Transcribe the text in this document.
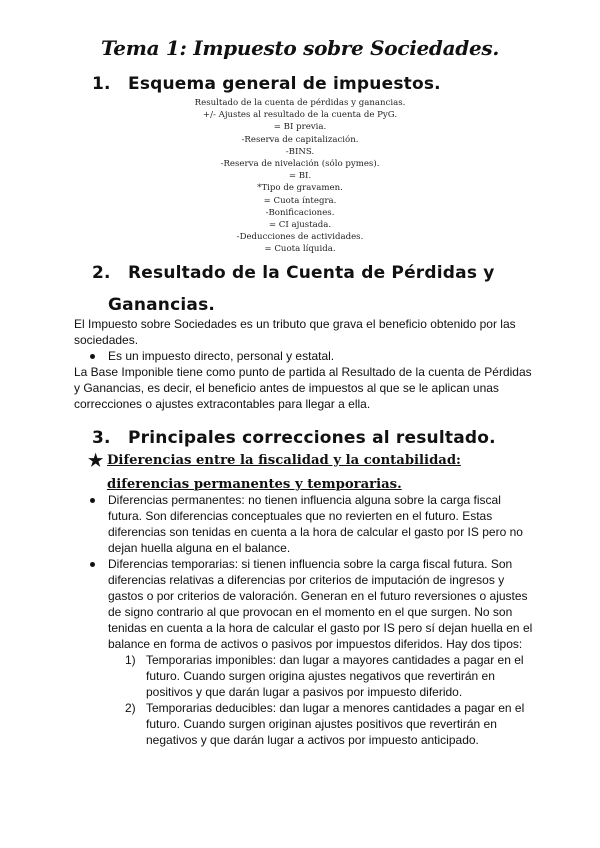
Tema 1: Impuesto sobre Sociedades.
1. Esquema general de impuestos.
Resultado de la cuenta de pérdidas y ganancias.
+/- Ajustes al resultado de la cuenta de PyG.
= BI previa.
-Reserva de capitalización.
-BINS.
-Reserva de nivelación (sólo pymes).
= BI.
*Tipo de gravamen.
= Cuota íntegra.
-Bonificaciones.
= CI ajustada.
-Deducciones de actividades.
= Cuota líquida.
2. Resultado de la Cuenta de Pérdidas y
Ganancias.
El Impuesto sobre Sociedades es un tributo que grava el beneficio obtenido por las sociedades.
Es un impuesto directo, personal y estatal.
La Base Imponible tiene como punto de partida al Resultado de la cuenta de Pérdidas y Ganancias, es decir, el beneficio antes de impuestos al que se le aplican unas correcciones o ajustes extracontables para llegar a ella.
3. Principales correcciones al resultado.
★ Diferencias entre la fiscalidad y la contabilidad: diferencias permanentes y temporarias.
Diferencias permanentes: no tienen influencia alguna sobre la carga fiscal futura. Son diferencias conceptuales que no revierten en el futuro. Estas diferencias son tenidas en cuenta a la hora de calcular el gasto por IS pero no dejan huella alguna en el balance.
Diferencias temporarias: si tienen influencia sobre la carga fiscal futura. Son diferencias relativas a diferencias por criterios de imputación de ingresos y gastos o por criterios de valoración. Generan en el futuro reversiones o ajustes de signo contrario al que provocan en el momento en el que surgen. No son tenidas en cuenta a la hora de calcular el gasto por IS pero sí dejan huella en el balance en forma de activos o pasivos por impuestos diferidos. Hay dos tipos:
1) Temporarias imponibles: dan lugar a mayores cantidades a pagar en el futuro. Cuando surgen origina ajustes negativos que revertirán en positivos y que darán lugar a pasivos por impuesto diferido.
2) Temporarias deducibles: dan lugar a menores cantidades a pagar en el futuro. Cuando surgen originan ajustes positivos que revertirán en negativos y que darán lugar a activos por impuesto anticipado.
